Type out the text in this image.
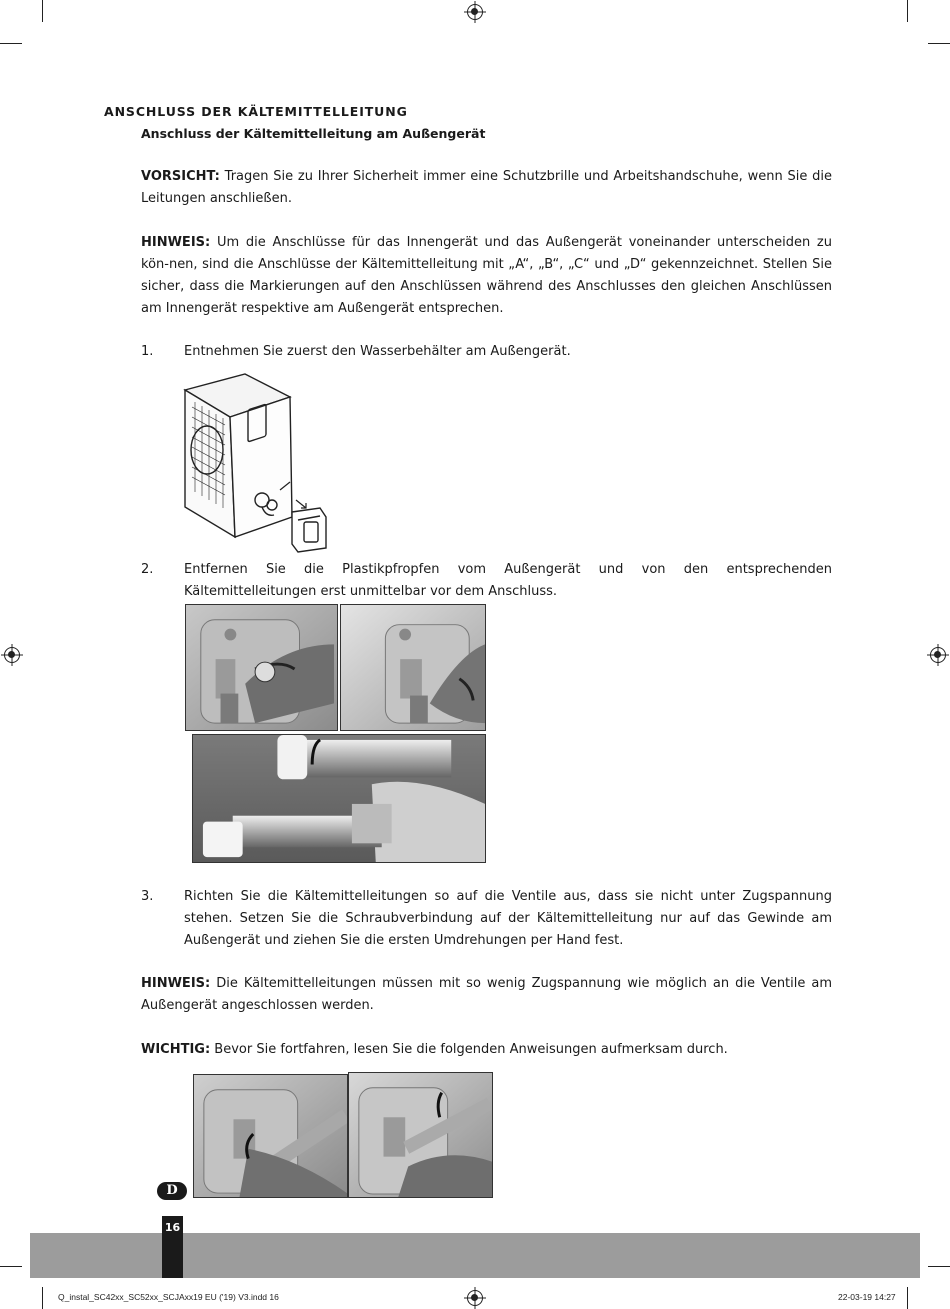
ANSCHLUSS DER KÄLTEMITTELLEITUNG
Anschluss der Kältemittelleitung am Außengerät
VORSICHT: Tragen Sie zu Ihrer Sicherheit immer eine Schutzbrille und Arbeitshandschuhe, wenn Sie die Leitungen anschließen.
HINWEIS: Um die Anschlüsse für das Innengerät und das Außengerät voneinander unterscheiden zu kön-nen, sind die Anschlüsse der Kältemittelleitung mit „A“, „B“, „C“ und „D“ gekennzeichnet. Stellen Sie sicher, dass die Markierungen auf den Anschlüssen während des Anschlusses den gleichen Anschlüssen am Innengerät respektive am Außengerät entsprechen.
1. Entnehmen Sie zuerst den Wasserbehälter am Außengerät.
2. Entfernen Sie die Plastikpfropfen vom Außengerät und von den entsprechenden Kältemittelleitungen erst unmittelbar vor dem Anschluss.
3. Richten Sie die Kältemittelleitungen so auf die Ventile aus, dass sie nicht unter Zugspannung stehen. Setzen Sie die Schraubverbindung auf der Kältemittelleitung nur auf das Gewinde am Außengerät und ziehen Sie die ersten Umdrehungen per Hand fest.
HINWEIS: Die Kältemittelleitungen müssen mit so wenig Zugspannung wie möglich an die Ventile am Außengerät angeschlossen werden.
WICHTIG: Bevor Sie fortfahren, lesen Sie die folgenden Anweisungen aufmerksam durch.
D
16
Q_instal_SC42xx_SC52xx_SCJAxx19 EU ('19) V3.indd 16	22-03-19 14:27
